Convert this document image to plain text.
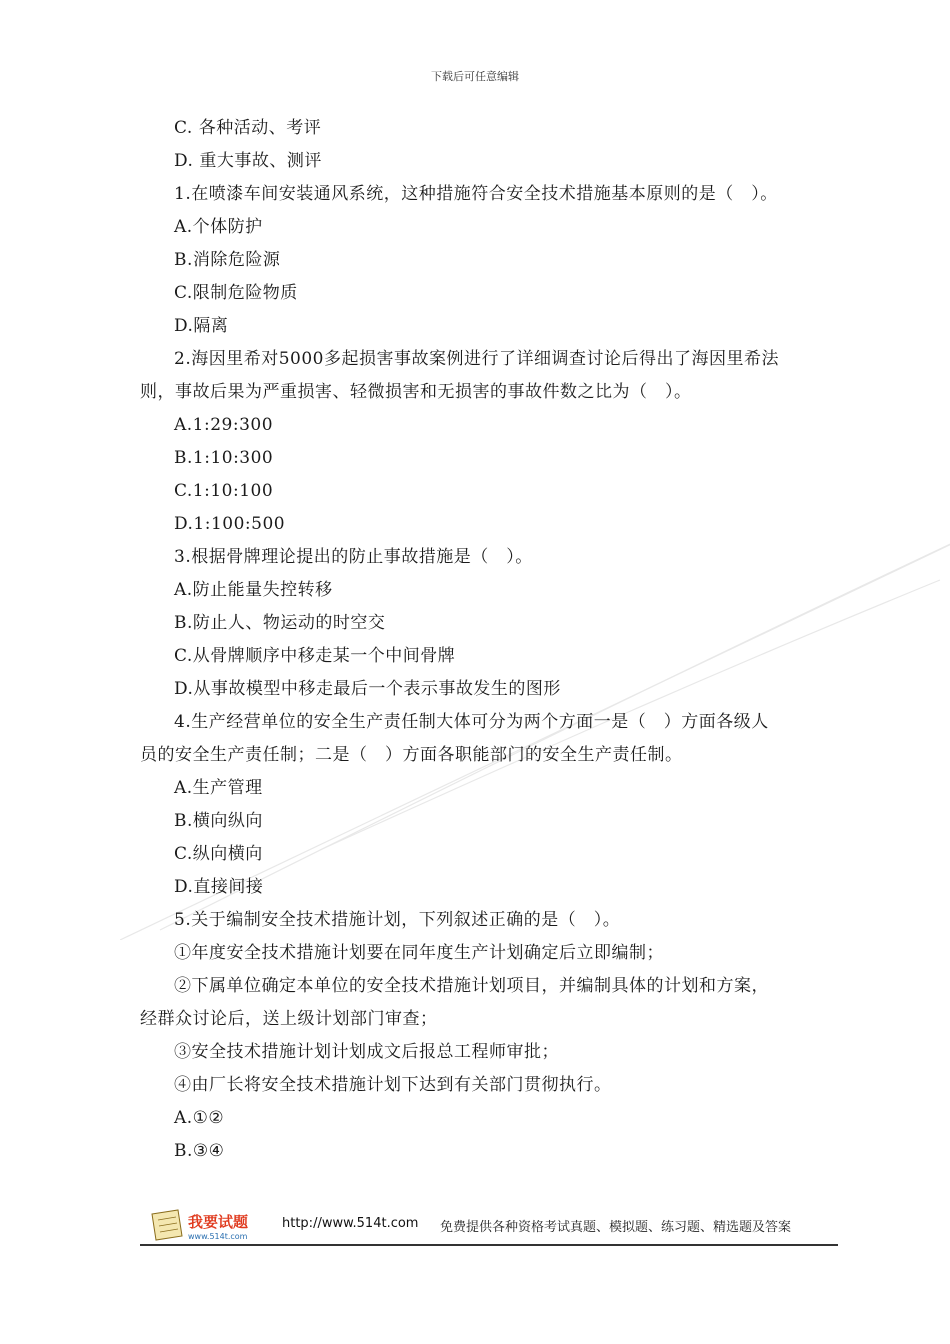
下载后可任意编辑
C. 各种活动、考评
D. 重大事故、测评
1.在喷漆车间安装通风系统，这种措施符合安全技术措施基本原则的是（　）。
A.个体防护
B.消除危险源
C.限制危险物质
D.隔离
2.海因里希对5000多起损害事故案例进行了详细调查讨论后得出了海因里希法
则，事故后果为严重损害、轻微损害和无损害的事故件数之比为（　）。
A.1:29:300
B.1:10:300
C.1:10:100
D.1:100:500
3.根据骨牌理论提出的防止事故措施是（　）。
A.防止能量失控转移
B.防止人、物运动的时空交
C.从骨牌顺序中移走某一个中间骨牌
D.从事故模型中移走最后一个表示事故发生的图形
4.生产经营单位的安全生产责任制大体可分为两个方面一是（　）方面各级人
员的安全生产责任制；二是（　）方面各职能部门的安全生产责任制。
A.生产管理
B.横向纵向
C.纵向横向
D.直接间接
5.关于编制安全技术措施计划，下列叙述正确的是（　）。
①年度安全技术措施计划要在同年度生产计划确定后立即编制；
②下属单位确定本单位的安全技术措施计划项目，并编制具体的计划和方案，
经群众讨论后，送上级计划部门审查；
③安全技术措施计划计划成文后报总工程师审批；
④由厂长将安全技术措施计划下达到有关部门贯彻执行。
A.①②
B.③④
我要试题
www.514t.com
http://www.514t.com 免费提供各种资格考试真题、模拟题、练习题、精选题及答案
